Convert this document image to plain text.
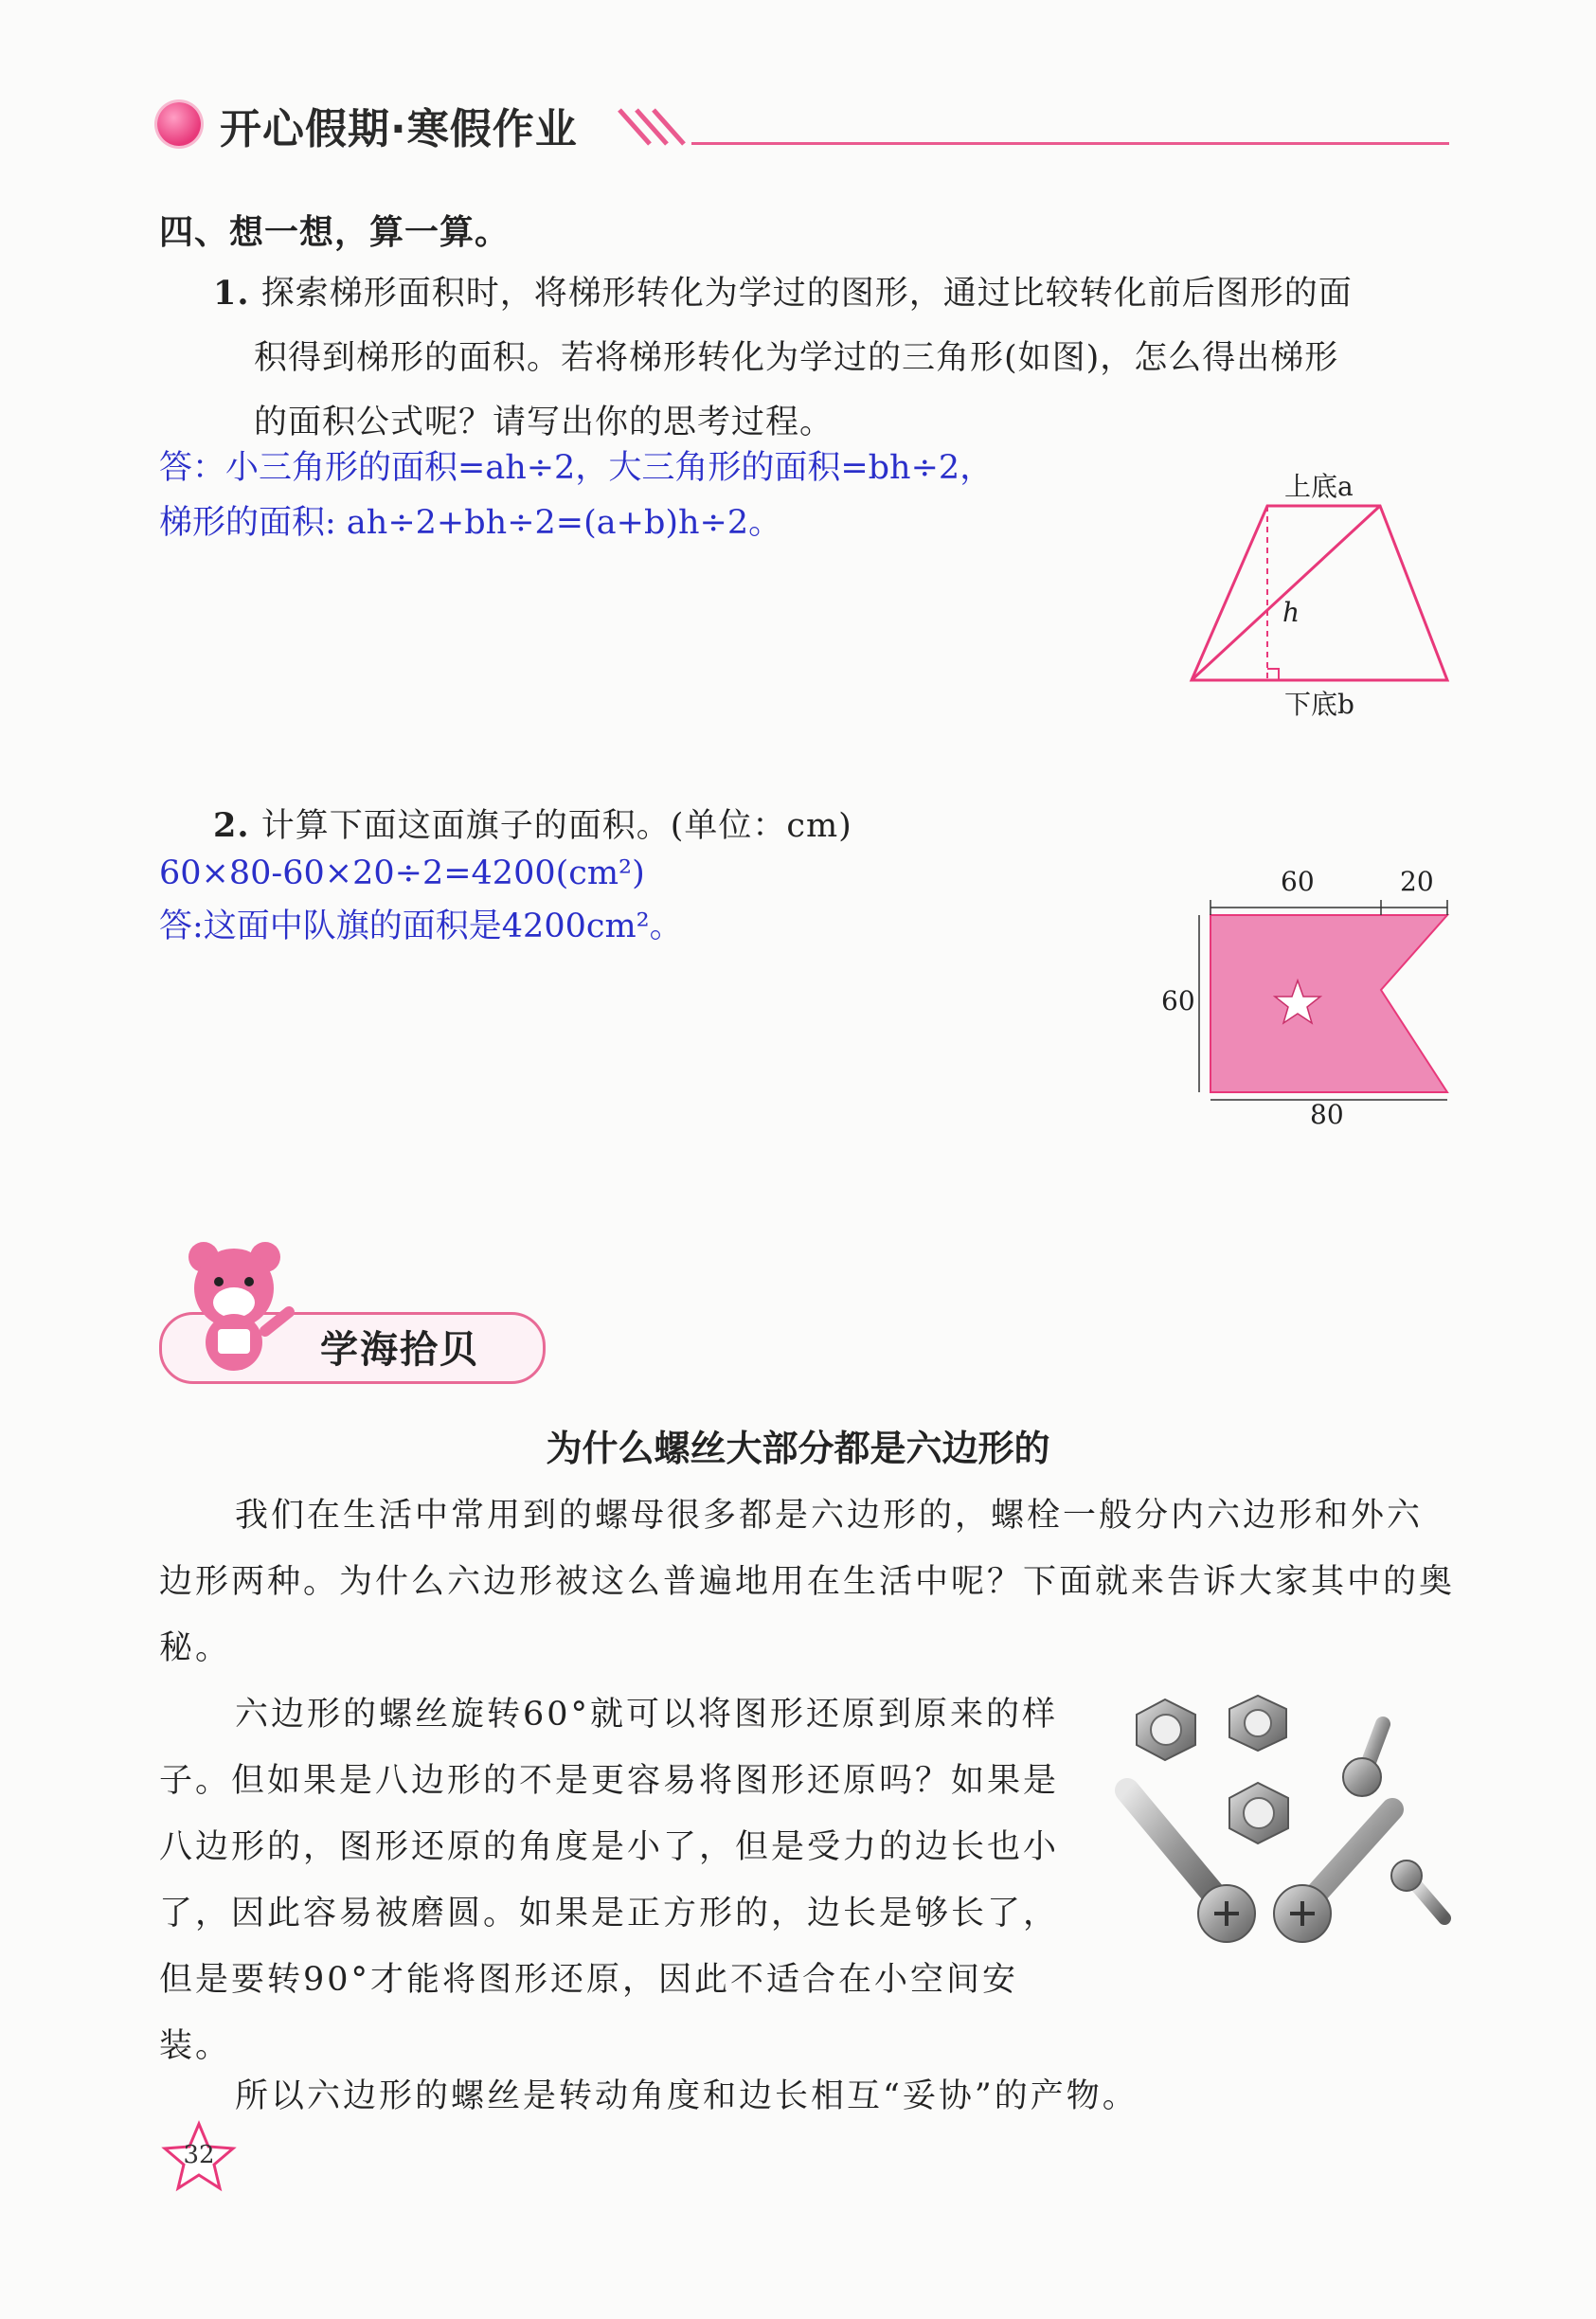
开心假期·寒假作业
四、想一想，算一算。
1. 探索梯形面积时，将梯形转化为学过的图形，通过比较转化前后图形的面
积得到梯形的面积。若将梯形转化为学过的三角形(如图)，怎么得出梯形
的面积公式呢？请写出你的思考过程。
答：小三角形的面积=ah÷2，大三角形的面积=bh÷2，
梯形的面积: ah÷2+bh÷2=(a+b)h÷2。
上底a
h
下底b
2. 计算下面这面旗子的面积。(单位：cm)
60×80-60×20÷2=4200(cm²)
答:这面中队旗的面积是4200cm²。
60	20
60
80
学海拾贝
为什么螺丝大部分都是六边形的
我们在生活中常用到的螺母很多都是六边形的，螺栓一般分内六边形和外六边形两种。为什么六边形被这么普遍地用在生活中呢？下面就来告诉大家其中的奥秘。
六边形的螺丝旋转60°就可以将图形还原到原来的样子。但如果是八边形的不是更容易将图形还原吗？如果是八边形的，图形还原的角度是小了，但是受力的边长也小了，因此容易被磨圆。如果是正方形的，边长是够长了，但是要转90°才能将图形还原，因此不适合在小空间安装。
所以六边形的螺丝是转动角度和边长相互“妥协”的产物。
32
